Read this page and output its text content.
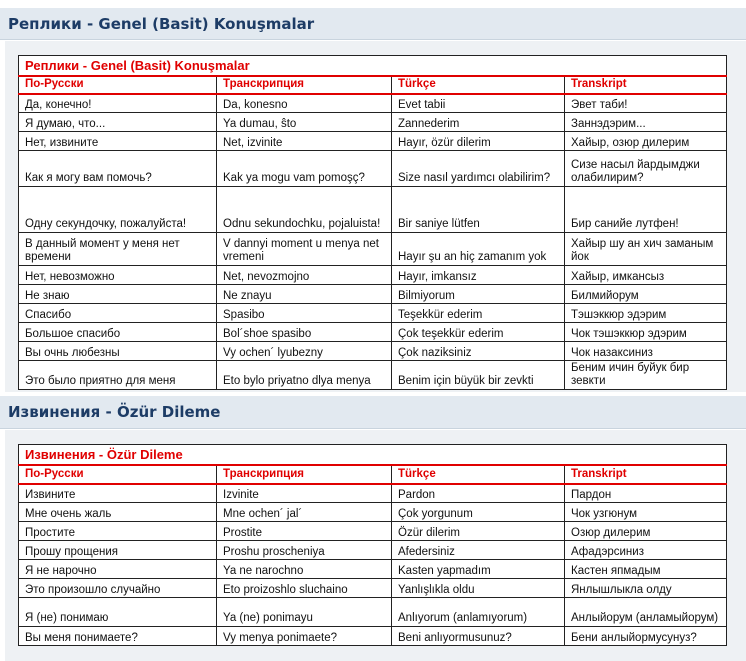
Реплики - Genel (Basit) Konuşmalar
Реплики - Genel (Basit) Konuşmalar			
По-Русски	Транскрипция	Türkçe	Transkript
Да, конечно!	Da, konesno	Evet tabii	Эвет таби!
Я думаю, что...	Ya dumau, ŝto	Zannederim	Заннэдэрим...
Нет, извините	Net, izvinite	Hayır, özür dilerim	Хайыр, озюр дилерим
Как я могу вам помочь?	Kak ya mogu vam pomoşç?	Size nasıl yardımcı olabilirim?	Сизе насыл йардымджи олабилирим?
Одну секундочку, пожалуйста!	Odnu sekundochku, pojaluista!	Bir saniye lütfen	Бир санийе лутфен!
В данный момент у меня нет времени	V dannyi moment u menya net vremeni	Hayır şu an hiç zamanım yok	Хайыр шу ан хич заманым йок
Нет, невозможно	Net, nevozmojno	Hayır, imkansız	Хайыр, имкансыз
Не знаю	Ne znayu	Bilmiyorum	Билмийорум
Спасибо	Spasibo	Teşekkür ederim	Тэшэккюр эдэрим
Большое спасибо	Bol´shoe spasibo	Çok teşekkür ederim	Чок тэшэккюр эдэрим
Вы очнь любезны	Vy ochen´ lyubezny	Çok naziksiniz	Чок назаксиниз
Это было приятно для меня	Eto bylo priyatno dlya menya	Benim için büyük bir zevkti	Беним ичин буйук бир зевкти
Извинения - Özür Dileme
Извинения - Özür Dileme			
По-Русски	Транскрипция	Türkçe	Transkript
Извините	Izvinite	Pardon	Пардон
Мне очень жаль	Mne ochen´ jal´	Çok yorgunum	Чок узгюнум
Простите	Prostite	Özür dilerim	Озюр дилерим
Прошу прощения	Proshu proscheniya	Afedersiniz	Афадэрсиниз
Я не нарочно	Ya ne narochno	Kasten yapmadım	Кастен япмадым
Это произошло случайно	Eto proizoshlo sluchaino	Yanlışlıkla oldu	Янлышлыкла олду
Я (не) понимаю	Ya (ne) ponimayu	Anlıyorum (anlamıyorum)	Анлыйорум (анламыйорум)
Вы меня понимаете?	Vy menya ponimaete?	Beni anlıyormusunuz?	Бени анлыйормусунуз?
